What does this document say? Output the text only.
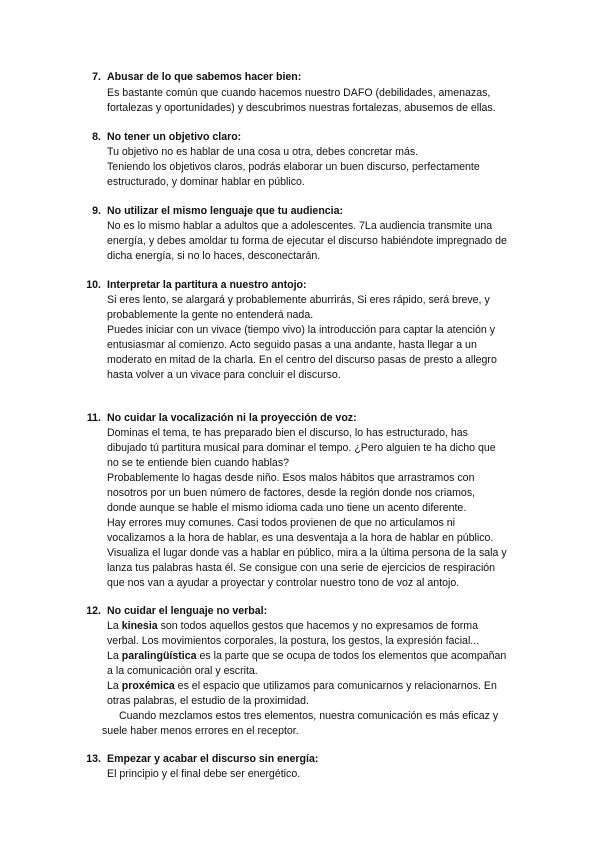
7. Abusar de lo que sabemos hacer bien:
Es bastante común que cuando hacemos nuestro DAFO (debilidades, amenazas,
fortalezas y oportunidades) y descubrimos nuestras fortalezas, abusemos de ellas.
8. No tener un objetivo claro:
Tu objetivo no es hablar de una cosa u otra, debes concretar más.
Teniendo los objetivos claros, podrás elaborar un buen discurso, perfectamente
estructurado, y dominar hablar en público.
9. No utilizar el mismo lenguaje que tu audiencia:
No es lo mismo hablar a adultos que a adolescentes. 7La audiencia transmite una
energía, y debes amoldar tu forma de ejecutar el discurso habiéndote impregnado de
dicha energía, si no lo haces, desconectarán.
10. Interpretar la partitura a nuestro antojo:
Si eres lento, se alargará y probablemente aburrirás, Si eres rápido, será breve, y
probablemente la gente no entenderá nada.
Puedes iniciar con un vivace (tiempo vivo) la introducción para captar la atención y
entusiasmar al comienzo. Acto seguido pasas a una andante, hasta llegar a un
moderato en mitad de la charla. En el centro del discurso pasas de presto a allegro
hasta volver a un vivace para concluir el discurso.
11. No cuidar la vocalización ni la proyección de voz:
Dominas el tema, te has preparado bien el discurso, lo has estructurado, has
dibujado tú partitura musical para dominar el tempo. ¿Pero alguien te ha dicho que
no se te entiende bien cuando hablas?
Probablemente lo hagas desde niño. Esos malos hábitos que arrastramos con
nosotros por un buen número de factores, desde la región donde nos criamos,
donde aunque se hable el mismo idioma cada uno tiene un acento diferente.
Hay errores muy comunes. Casi todos provienen de que no articulamos ni
vocalizamos a la hora de hablar, es una desventaja a la hora de hablar en público.
Visualiza el lugar donde vas a hablar en público, mira a la última persona de la sala y
lanza tus palabras hasta él. Se consigue con una serie de ejercicios de respiración
que nos van a ayudar a proyectar y controlar nuestro tono de voz al antojo.
12. No cuidar el lenguaje no verbal:
La kinesia son todos aquellos gestos que hacemos y no expresamos de forma
verbal. Los movimientos corporales, la postura, los gestos, la expresión facial...
La paralingüística es la parte que se ocupa de todos los elementos que acompañan
a la comunicación oral y escrita.
La proxémica es el espacio que utilizamos para comunicarnos y relacionarnos. En
otras palabras, el estudio de la proximidad.
Cuando mezclamos estos tres elementos, nuestra comunicación es más eficaz y
suele haber menos errores en el receptor.
13. Empezar y acabar el discurso sin energía:
El principio y el final debe ser energético.
